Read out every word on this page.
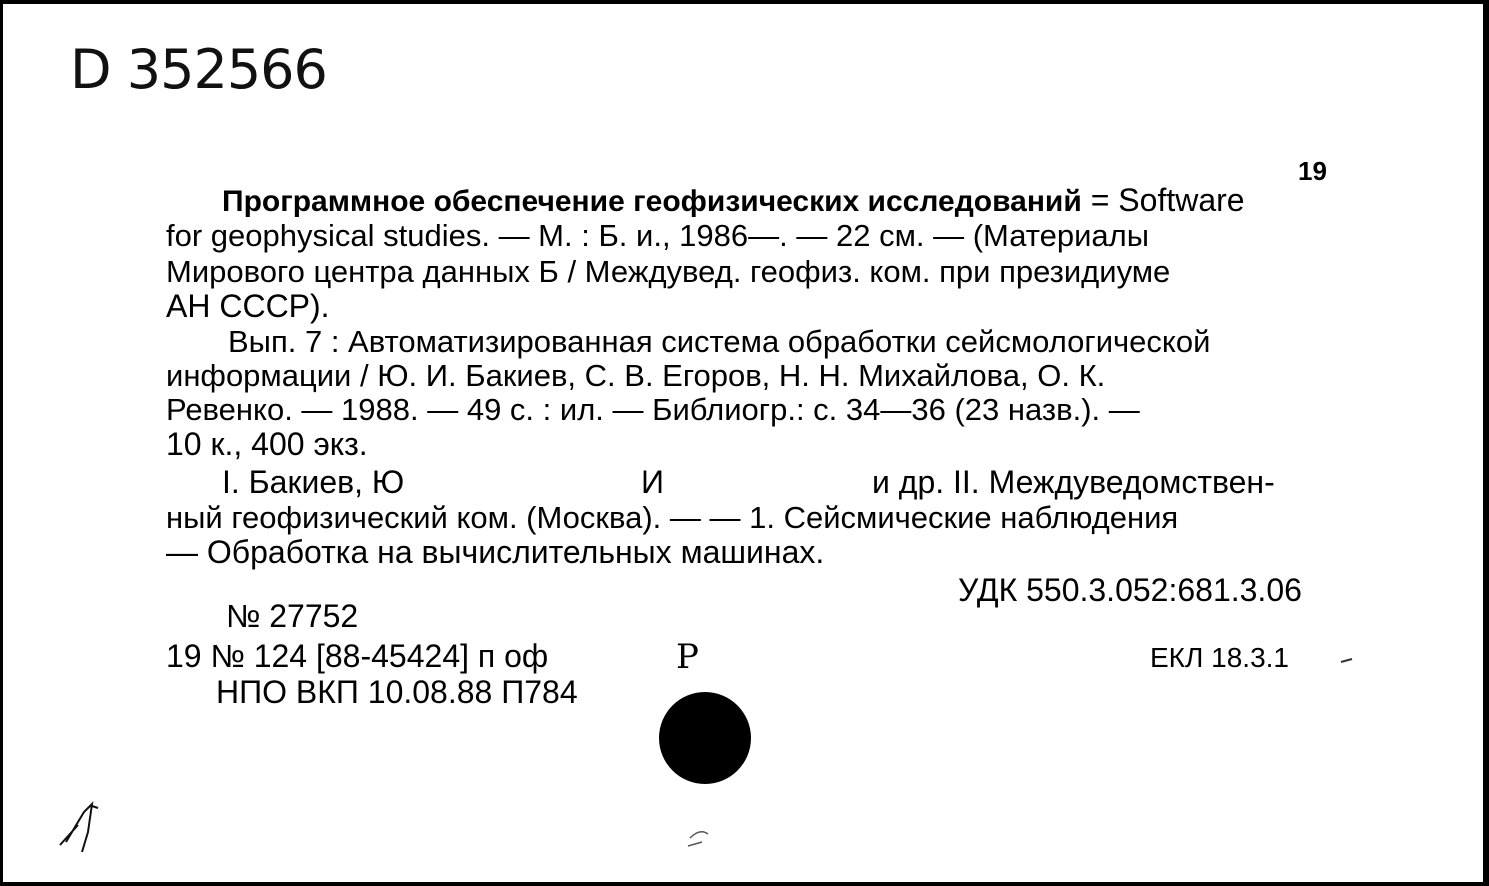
D 352566
19
Программное обеспечение геофизических исследований = Software
for geophysical studies. — М. : Б. и., 1986—. — 22 см. — (Материалы
Мирового центра данных Б / Междувед. геофиз. ком. при президиуме
АН СССР).
Вып. 7 : Автоматизированная система обработки сейсмологической
информации / Ю. И. Бакиев, С. В. Егоров, Н. Н. Михайлова, О. К.
Ревенко. — 1988. — 49 с. : ил. — Библиогр.: с. 34—36 (23 назв.). —
10 к., 400 экз.
I. Бакиев, Ю	И	и др. II. Междуведомствен-
ный геофизический ком. (Москва). — — 1. Сейсмические наблюдения
— Обработка на вычислительных машинах.
УДК 550.3.052:681.3.06
№ 27752
19 № 124 [88-45424] п оф
НПО ВКП 10.08.88 П784
ЕКЛ 18.3.1
Р
